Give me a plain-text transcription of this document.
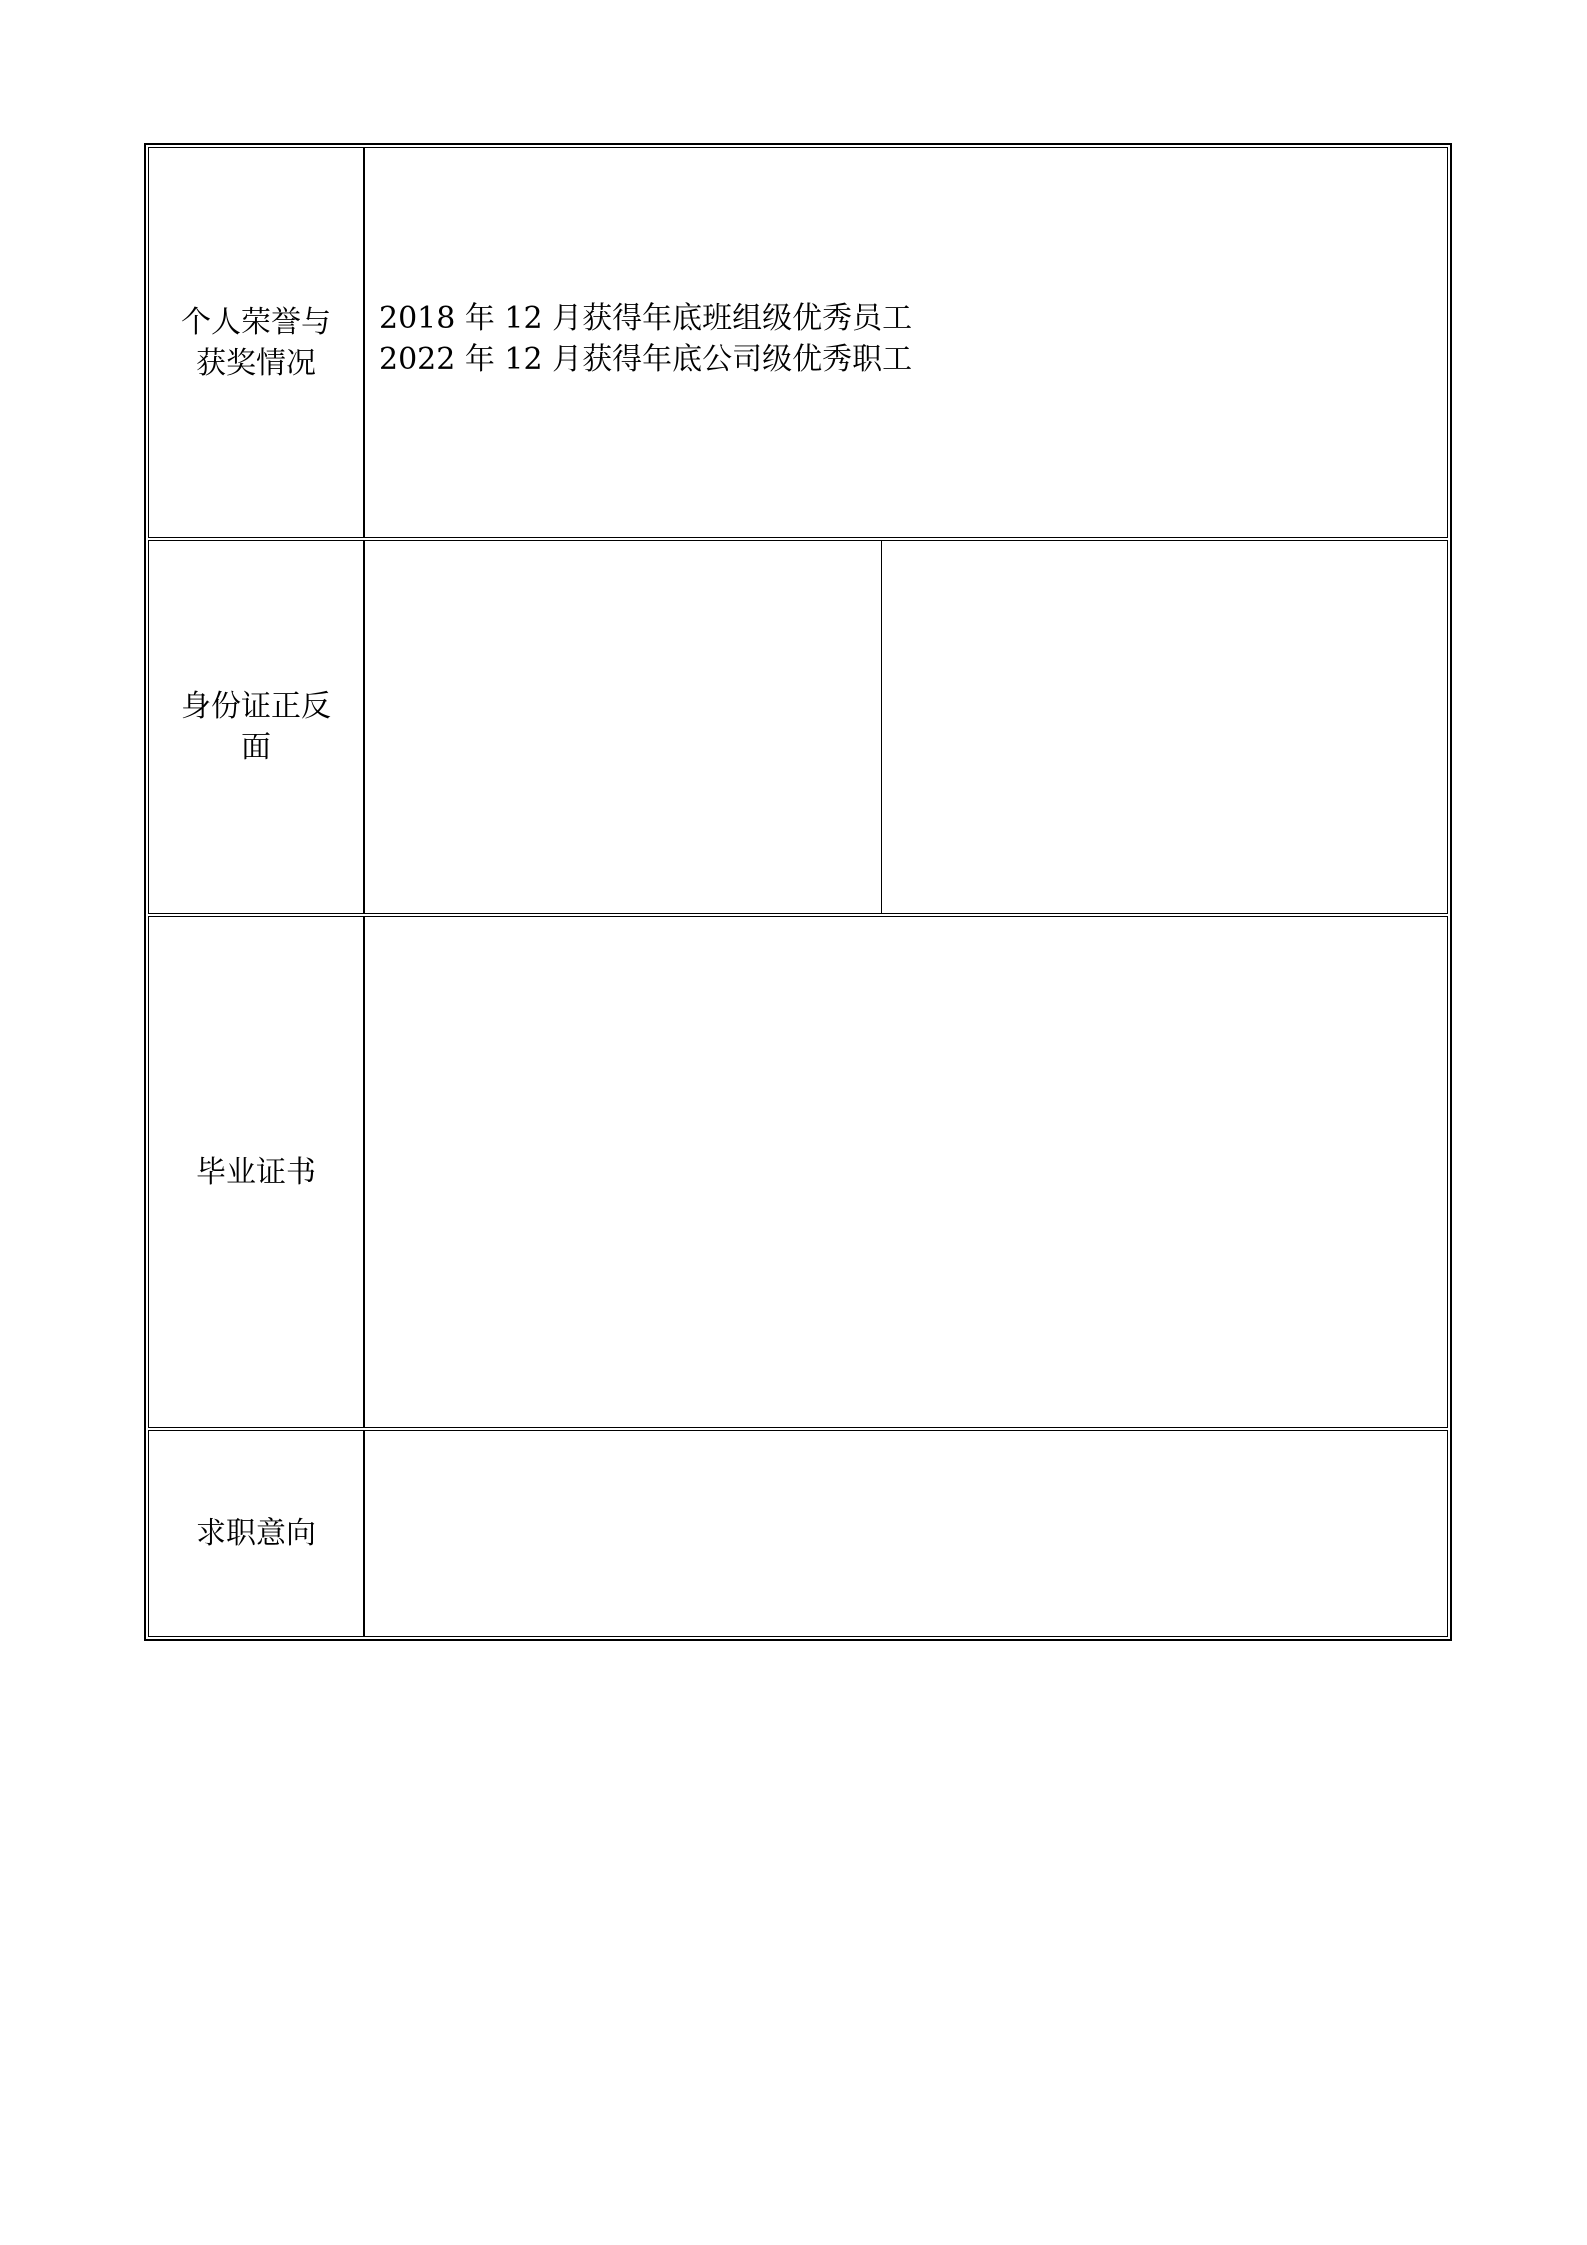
个人荣誉与获奖情况
2018 年 12 月获得年底班组级优秀员工
2022 年 12 月获得年底公司级优秀职工
身份证正反面
毕业证书
求职意向
